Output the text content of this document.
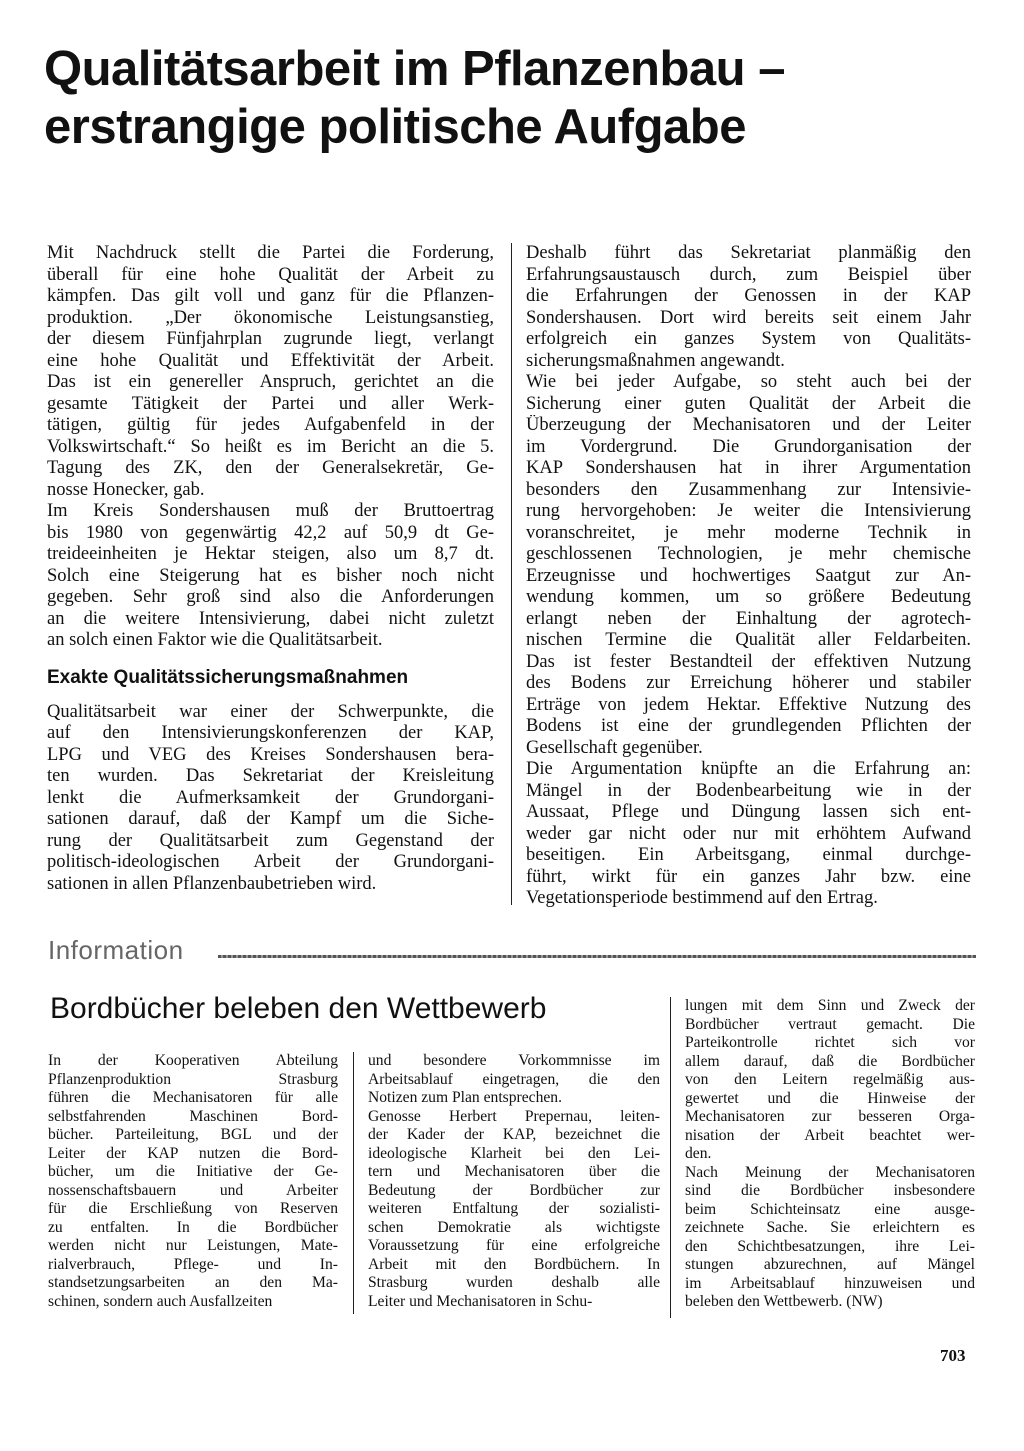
Qualitätsarbeit im Pflanzenbau –
erstrangige politische Aufgabe
Mit Nachdruck stellt die Partei die Forderung,
überall für eine hohe Qualität der Arbeit zu
kämpfen. Das gilt voll und ganz für die Pflanzen-
produktion. „Der ökonomische Leistungsanstieg,
der diesem Fünfjahrplan zugrunde liegt, verlangt
eine hohe Qualität und Effektivität der Arbeit.
Das ist ein genereller Anspruch, gerichtet an die
gesamte Tätigkeit der Partei und aller Werk-
tätigen, gültig für jedes Aufgabenfeld in der
Volkswirtschaft.“ So heißt es im Bericht an die 5.
Tagung des ZK, den der Generalsekretär, Ge-
nosse Honecker, gab.
Im Kreis Sondershausen muß der Bruttoertrag
bis 1980 von gegenwärtig 42,2 auf 50,9 dt Ge-
treideeinheiten je Hektar steigen, also um 8,7 dt.
Solch eine Steigerung hat es bisher noch nicht
gegeben. Sehr groß sind also die Anforderungen
an die weitere Intensivierung, dabei nicht zuletzt
an solch einen Faktor wie die Qualitätsarbeit.
Exakte Qualitätssicherungsmaßnahmen
Qualitätsarbeit war einer der Schwerpunkte, die
auf den Intensivierungskonferenzen der KAP,
LPG und VEG des Kreises Sondershausen bera-
ten wurden. Das Sekretariat der Kreisleitung
lenkt die Aufmerksamkeit der Grundorgani-
sationen darauf, daß der Kampf um die Siche-
rung der Qualitätsarbeit zum Gegenstand der
politisch-ideologischen Arbeit der Grundorgani-
sationen in allen Pflanzenbaubetrieben wird.
Deshalb führt das Sekretariat planmäßig den
Erfahrungsaustausch durch, zum Beispiel über
die Erfahrungen der Genossen in der KAP
Sondershausen. Dort wird bereits seit einem Jahr
erfolgreich ein ganzes System von Qualitäts-
sicherungsmaßnahmen angewandt.
Wie bei jeder Aufgabe, so steht auch bei der
Sicherung einer guten Qualität der Arbeit die
Überzeugung der Mechanisatoren und der Leiter
im Vordergrund. Die Grundorganisation der
KAP Sondershausen hat in ihrer Argumentation
besonders den Zusammenhang zur Intensivie-
rung hervorgehoben: Je weiter die Intensivierung
voranschreitet, je mehr moderne Technik in
geschlossenen Technologien, je mehr chemische
Erzeugnisse und hochwertiges Saatgut zur An-
wendung kommen, um so größere Bedeutung
erlangt neben der Einhaltung der agrotech-
nischen Termine die Qualität aller Feldarbeiten.
Das ist fester Bestandteil der effektiven Nutzung
des Bodens zur Erreichung höherer und stabiler
Erträge von jedem Hektar. Effektive Nutzung des
Bodens ist eine der grundlegenden Pflichten der
Gesellschaft gegenüber.
Die Argumentation knüpfte an die Erfahrung an:
Mängel in der Bodenbearbeitung wie in der
Aussaat, Pflege und Düngung lassen sich ent-
weder gar nicht oder nur mit erhöhtem Aufwand
beseitigen. Ein Arbeitsgang, einmal durchge-
führt, wirkt für ein ganzes Jahr bzw. eine
Vegetationsperiode bestimmend auf den Ertrag.
Information
Bordbücher beleben den Wettbewerb
In der Kooperativen Abteilung
Pflanzenproduktion Strasburg
führen die Mechanisatoren für alle
selbstfahrenden Maschinen Bord-
bücher. Parteileitung, BGL und der
Leiter der KAP nutzen die Bord-
bücher, um die Initiative der Ge-
nossenschaftsbauern und Arbeiter
für die Erschließung von Reserven
zu entfalten. In die Bordbücher
werden nicht nur Leistungen, Mate-
rialverbrauch, Pflege- und In-
standsetzungsarbeiten an den Ma-
schinen, sondern auch Ausfallzeiten
und besondere Vorkommnisse im
Arbeitsablauf eingetragen, die den
Notizen zum Plan entsprechen.
Genosse Herbert Prepernau, leiten-
der Kader der KAP, bezeichnet die
ideologische Klarheit bei den Lei-
tern und Mechanisatoren über die
Bedeutung der Bordbücher zur
weiteren Entfaltung der sozialisti-
schen Demokratie als wichtigste
Voraussetzung für eine erfolgreiche
Arbeit mit den Bordbüchern. In
Strasburg wurden deshalb alle
Leiter und Mechanisatoren in Schu-
lungen mit dem Sinn und Zweck der
Bordbücher vertraut gemacht. Die
Parteikontrolle richtet sich vor
allem darauf, daß die Bordbücher
von den Leitern regelmäßig aus-
gewertet und die Hinweise der
Mechanisatoren zur besseren Orga-
nisation der Arbeit beachtet wer-
den.
Nach Meinung der Mechanisatoren
sind die Bordbücher insbesondere
beim Schichteinsatz eine ausge-
zeichnete Sache. Sie erleichtern es
den Schichtbesatzungen, ihre Lei-
stungen abzurechnen, auf Mängel
im Arbeitsablauf hinzuweisen und
beleben den Wettbewerb. (NW)
703
